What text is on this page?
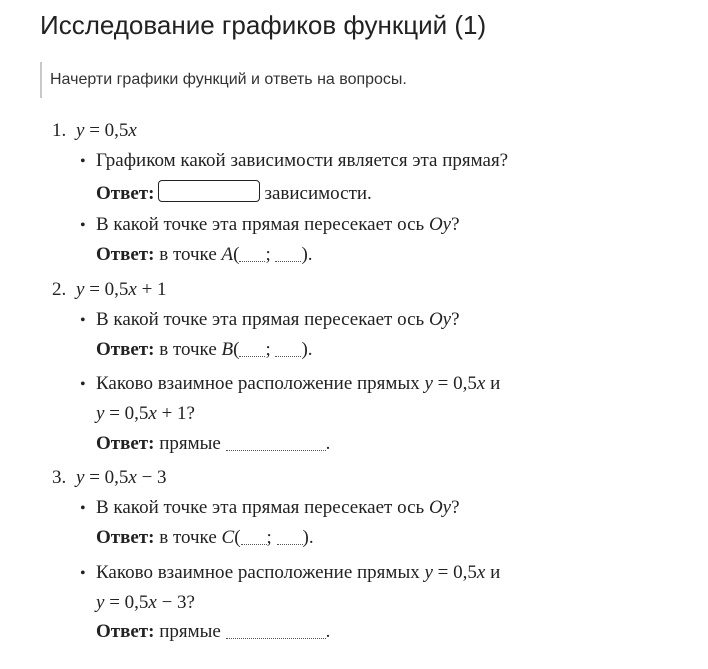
Исследование графиков функций (1)
Начерти графики функций и ответь на вопросы.
1. y = 0,5x
• Графиком какой зависимости является эта прямая?
Ответ:	зависимости.
• В какой точке эта прямая пересекает ось Oy?
Ответ: в точке A( ; ).
2. y = 0,5x + 1
• В какой точке эта прямая пересекает ось Oy?
Ответ: в точке B( ; ).
• Каково взаимное расположение прямых y = 0,5x и
y = 0,5x + 1?
Ответ: прямые	.
3. y = 0,5x − 3
• В какой точке эта прямая пересекает ось Oy?
Ответ: в точке C( ; ).
• Каково взаимное расположение прямых y = 0,5x и
y = 0,5x − 3?
Ответ: прямые	.
